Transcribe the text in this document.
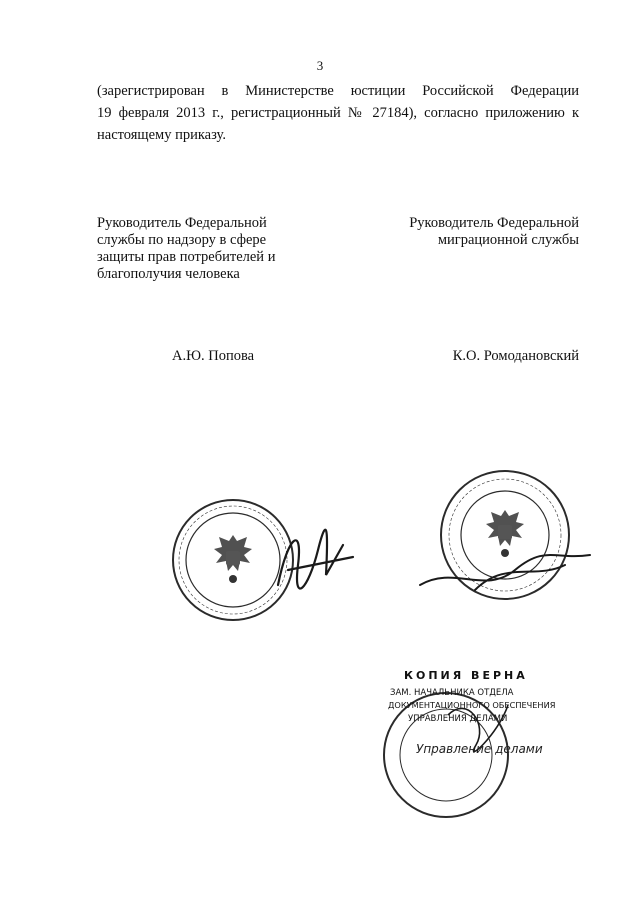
3

(зарегистрирован в Министерстве юстиции Российской Федерации
19 февраля 2013 г., регистрационный № 27184), согласно приложению к
настоящему приказу.

Руководитель Федеральной
службы по надзору в сфере
защиты прав потребителей и
благополучия человека
Руководитель Федеральной
миграционной службы
А.Ю. Попова	К.О. Ромодановский
КОПИЯ ВЕРНА
ЗАМ. НАЧАЛЬНИКА ОТДЕЛА
ДОКУМЕНТАЦИОННОГО ОБЕСПЕЧЕНИЯ
УПРАВЛЕНИЯ ДЕЛАМИ
Управление делами
